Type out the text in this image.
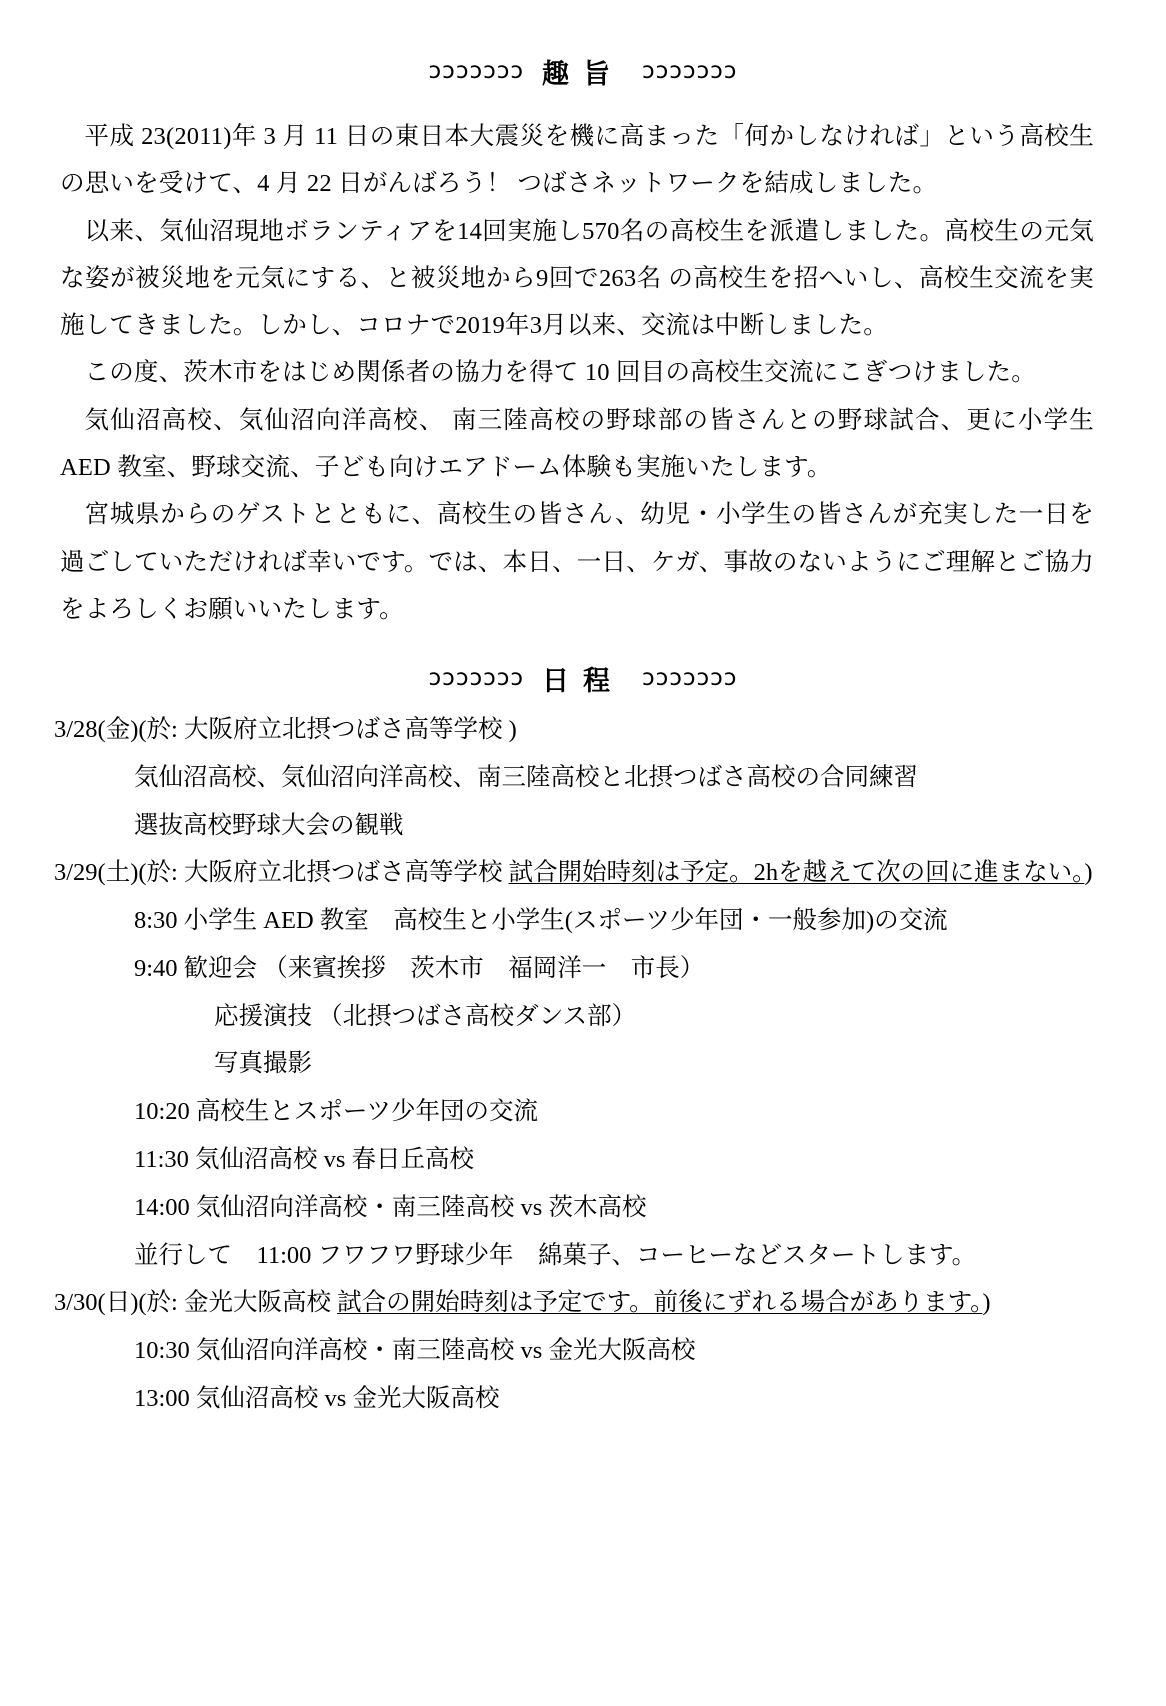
ɔɔɔɔɔɔɔ 趣旨 ɔɔɔɔɔɔɔ

平成 23(2011)年 3 月 11 日の東日本大震災を機に高まった「何かしなければ」という高校生の思いを受けて、4 月 22 日がんばろう！ つばさネットワークを結成しました。

以来、気仙沼現地ボランティアを14回実施し570名の高校生を派遣しました。高校生の元気な姿が被災地を元気にする、と被災地から9回で263名 の高校生を招へいし、高校生交流を実施してきました。しかし、コロナで2019年3月以来、交流は中断しました。

この度、茨木市をはじめ関係者の協力を得て 10 回目の高校生交流にこぎつけました。

気仙沼高校、気仙沼向洋高校、 南三陸高校の野球部の皆さんとの野球試合、更に小学生 AED 教室、野球交流、子ども向けエアドーム体験も実施いたします。

宮城県からのゲストとともに、高校生の皆さん、幼児・小学生の皆さんが充実した一日を過ごしていただければ幸いです。では、本日、一日、ケガ、事故のないようにご理解とご協力をよろしくお願いいたします。

ɔɔɔɔɔɔɔ 日程 ɔɔɔɔɔɔɔ

3/28(金)(於: 大阪府立北摂つばさ高等学校 )

気仙沼高校、気仙沼向洋高校、南三陸高校と北摂つばさ高校の合同練習

選抜高校野球大会の観戦

3/29(土)(於: 大阪府立北摂つばさ高等学校 試合開始時刻は予定。2hを越えて次の回に進まない。)

8:30 小学生 AED 教室　高校生と小学生(スポーツ少年団・一般参加)の交流

9:40 歓迎会 （来賓挨拶　茨木市　福岡洋一　市長）

応援演技 （北摂つばさ高校ダンス部）

写真撮影

10:20 高校生とスポーツ少年団の交流

11:30 気仙沼高校 vs 春日丘高校

14:00 気仙沼向洋高校・南三陸高校 vs 茨木高校

並行して　11:00 フワフワ野球少年　綿菓子、コーヒーなどスタートします。

3/30(日)(於: 金光大阪高校 試合の開始時刻は予定です。前後にずれる場合があります。)

10:30 気仙沼向洋高校・南三陸高校 vs 金光大阪高校

13:00 気仙沼高校 vs 金光大阪高校
